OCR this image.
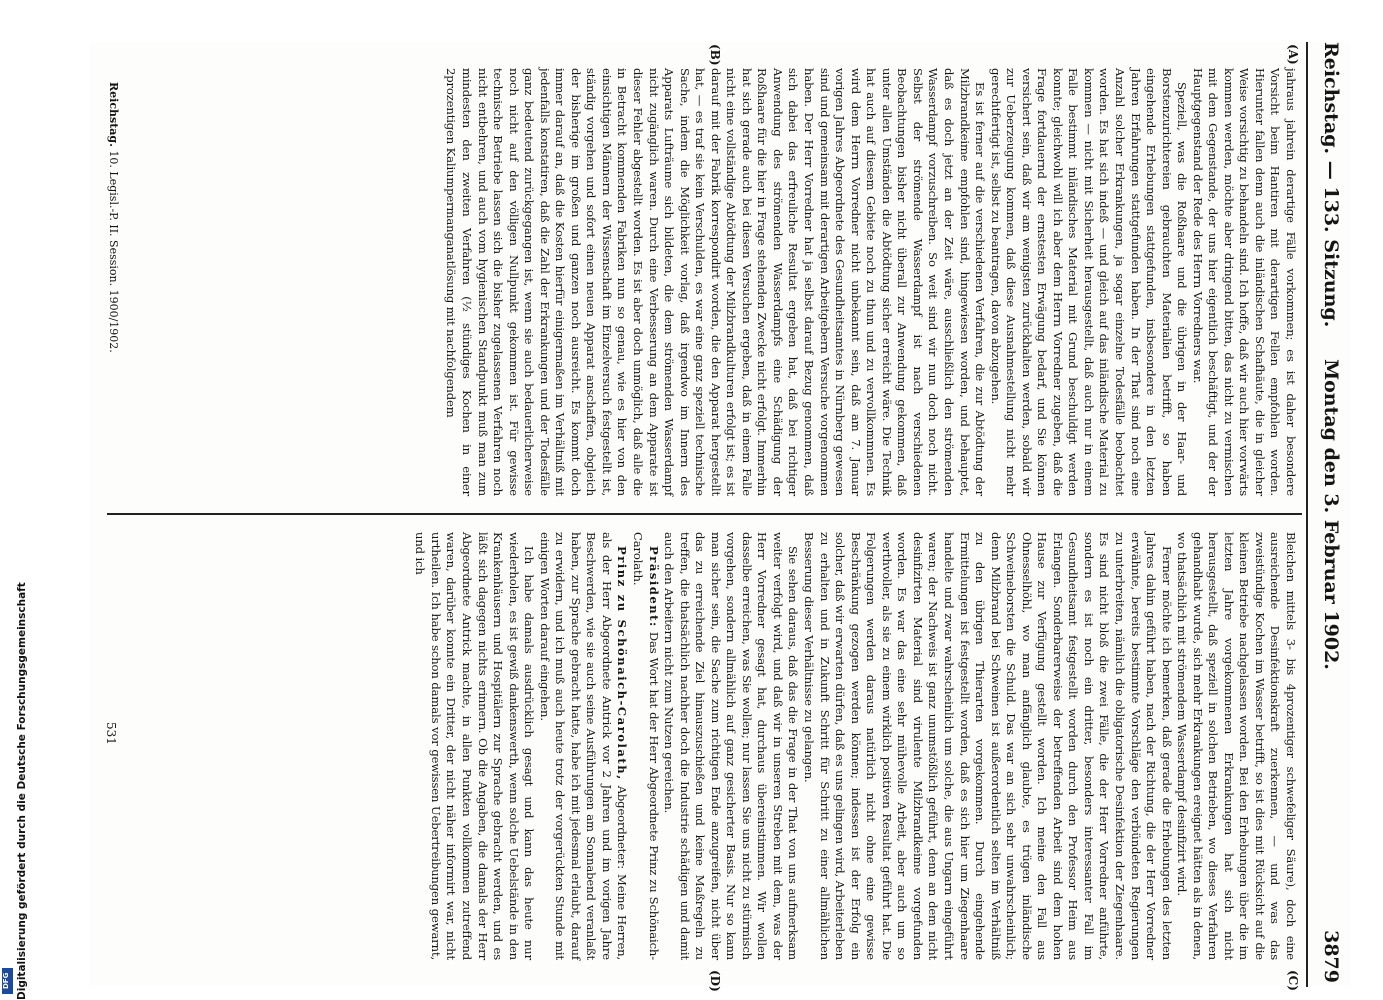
Reichstag. — 133. Sitzung.
Montag den 3. Februar 1902.
3879
(A)
(B)
(C)
(D)

jahraus jahrein derartige Fälle vorkommen; es ist daher besondere Vorsicht beim Hantiren mit derartigen Fellen empfohlen worden. Hierunter fallen denn auch die inländischen Schafhäute, die in gleicher Weise vorsichtig zu behandeln sind. Ich hoffe, daß wir auch hier vorwärts kommen werden, möchte aber dringend bitten, das nicht zu vermischen mit dem Gegenstande, der uns hier eigentlich beschäftigt, und der der Hauptgegenstand der Rede des Herrn Vorredners war.

Speziell, was die Roßhaare und die übrigen in der Haar- und Borstenzurichtereien gebrauchten Materialien betrifft, so haben eingehende Erhebungen stattgefunden, insbesondere in den letzten Jahren Erfahrungen stattgefunden haben. In der That sind noch eine Anzahl solcher Erkrankungen, ja sogar einzelne Todesfälle beobachtet worden. Es hat sich indeß — und gleich auf das inländische Material zu kommen — nicht mit Sicherheit herausgestellt, daß auch nur in einem Falle bestimmt inländisches Material mit Grund beschuldigt werden konnte; gleichwohl will ich aber dem Herrn Vorredner zugeben, daß die Frage fortdauernd der ernstesten Erwägung bedarf, und Sie können versichert sein, daß wir am wenigsten zurückhalten werden, sobald wir zur Ueberzeugung kommen, daß diese Ausnahmestellung nicht mehr gerechtfertigt ist, selbst zu beantragen, davon abzugehen.

Es ist ferner auf die verschiedenen Verfahren, die zur Abtödtung der Milzbrandkeime empfohlen sind, hingewiesen worden, und behauptet, daß es doch jetzt an der Zeit wäre, ausschließlich den strömenden Wasserdampf vorzuschreiben. So weit sind wir nun doch noch nicht. Selbst der strömende Wasserdampf ist nach verschiedenen Beobachtungen bisher nicht überall zur Anwendung gekommen, daß unter allen Umständen die Abtödtung sicher erreicht wäre. Die Technik hat auch auf diesem Gebiete noch zu thun und zu vervollkommnen. Es wird dem Herrn Vorredner nicht unbekannt sein, daß am 7. Januar vorigen Jahres Abgeordnete des Gesundheitsamtes in Nürnberg gewesen sind und gemeinsam mit derartigen Arbeitgebern Versuche vorgenommen haben. Der Herr Vorredner hat ja selbst darauf Bezug genommen, daß sich dabei das erfreuliche Resultat ergeben hat, daß bei richtiger Anwendung des strömenden Wasserdampfs eine Schädigung der Roßhaare für die hier in Frage stehenden Zwecke nicht erfolgt. Immerhin hat sich gerade auch bei diesen Versuchen ergeben, daß in einem Falle nicht eine vollständige Abtödtung der Milzbrandkulturen erfolgt ist; es ist darauf mit der Fabrik korrespondirt worden, die den Apparat hergestellt hat, — es traf sie kein Verschulden, es war eine ganz speziell technische Sache, indem die Möglichkeit vorlag, daß irgendwo im Innern des Apparats Lufträume sich bildeten, die dem strömenden Wasserdampf nicht zugänglich waren. Durch eine Verbesserung an dem Apparate ist dieser Fehler abgestellt worden. Es ist aber doch unmöglich, daß alle die in Betracht kommenden Fabriken nun so genau, wie es hier von den einsichtigen Männern der Wissenschaft im Einzelversuch festgestellt ist, ständig vorgehen und sofort einen neuen Apparat anschaffen, obgleich der bisherige im großen und ganzen noch ausreicht. Es kommt doch immer darauf an, daß die Kosten hierfür einigermaßen im Verhältniß mit jedenfalls konstatiren, daß die Zahl der Erkrankungen und der Todesfälle ganz bedeutend zurückgegangen ist, wenn sie auch bedauerlicherweise noch nicht auf den völligen Nullpunkt gekommen ist. Für gewisse technische Betriebe lassen sich die bisher zugelassenen Verfahren noch nicht entbehren, und auch vom hygienischen Standpunkt muß man zum mindesten den zweiten Verfahren (½ stündiges Kochen in einer 2prozentigen Kaliumpermanganatlösung mit nachfolgendem

Bleichen mittels 3- bis 4prozentiger schwefeliger Säure), doch eine ausreichende Desinfektionskraft zuerkennen, — und was das zweistündige Kochen im Wasser betrifft, so ist dies mit Rücksicht auf die kleinen Betriebe nachgelassen worden. Bei den Erhebungen über die im letzten Jahre vorgekommenen Erkrankungen hat sich nicht herausgestellt, daß speziell in solchen Betrieben, wo dieses Verfahren gehandhabt wurde, sich mehr Erkrankungen ereignet hätten als in denen, wo thatsächlich mit strömendem Wasserdampf desinfizirt wird.

Ferner möchte ich bemerken, daß gerade die Erhebungen des letzten Jahres dahin geführt haben, nach der Richtung, die der Herr Vorredner erwähnte, bereits bestimmte Vorschläge den verbündeten Regierungen zu unterbreiten, nämlich die obligatorische Desinfektion der Ziegenhaare. Es sind nicht bloß die zwei Fälle, die der Herr Vorredner anführte, sondern es ist noch ein dritter, besonders interessanter Fall im Gesundheitsamt festgestellt worden durch den Professor Heim aus Erlangen. Sonderbarerweise der betreffenden Arbeit sind dem hohen Hause zur Verfügung gestellt worden. Ich meine den Fall aus Ohnesselhöhl, wo man anfänglich glaubte, es trügen inländische Schweineborsten die Schuld. Das war an sich sehr unwahrscheinlich; denn Milzbrand bei Schweinen ist außerordentlich selten im Verhältniß zu den übrigen Thierarten vorgekommen. Durch eingehende Ermittelungen ist festgestellt worden, daß es sich hier um Ziegenhaare handelte und zwar wahrscheinlich um solche, die aus Ungarn eingeführt waren; der Nachweis ist ganz unumstößlich geführt, denn an dem nicht desinfizirten Material sind virulente Milzbrandkeime vorgefunden worden. Es war das eine sehr mühevolle Arbeit, aber auch um so werthvoller, als sie zu einem wirklich positiven Resultat geführt hat. Die Folgerungen werden daraus natürlich nicht ohne eine gewisse Beschränkung gezogen werden können; indessen ist der Erfolg ein solcher, daß wir erwarten dürfen, daß es uns gelingen wird, Arbeiterleben zu erhalten und in Zukunft Schritt für Schritt zu einer allmählichen Besserung dieser Verhältnisse zu gelangen.

Sie sehen daraus, daß das die Frage in der That von uns aufmerksam weiter verfolgt wird, und daß wir in unseren Streben mit dem, was der Herr Vorredner gesagt hat, durchaus übereinstimmen. Wir wollen dasselbe erreichen, was Sie wollen; nur lassen Sie uns nicht zu stürmisch vorgehen, sondern allmählich auf ganz gesicherter Basis. Nur so kann man sicher sein, die Sache zum richtigen Ende anzugreifen, nicht über das zu erreichende Ziel hinauszuschießen und keine Maßregeln zu treffen, die thatsächlich nachher doch die Industrie schädigen und damit auch den Arbeitern nicht zum Nutzen gereichen.

Präsident: Das Wort hat der Herr Abgeordnete Prinz zu Schönaich-Carolath.

Prinz zu Schönaich-Carolath, Abgeordneter: Meine Herren, als der Herr Abgeordnete Antrick vor 2 Jahren und im vorigen Jahre Beschwerden, wie sie auch seine Ausführungen am Sonnabend veranlaßt haben, zur Sprache gebracht hatte, habe ich mit jedesmal erlaubt, darauf zu erwidern, und ich muß auch heute trotz der vorgerückten Stunde mit einigen Worten darauf eingehen.

Ich habe damals ausdrücklich gesagt und kann das heute nur wiederholen, es ist gewiß dankenswerth, wenn solche Uebelstände in den Krankenhäusern und Hospitälern zur Sprache gebracht werden, und es läßt sich dagegen nichts erinnern. Ob die Angaben, die damals der Herr Abgeordnete Antrick machte, in allen Punkten vollkommen zutreffend waren, darüber konnte ein Dritter, der nicht näher informirt war, nicht urtheilen. Ich habe schon damals vor gewissen Uebertreibungen gewarnt, und ich

Reichstag. 10. Legisl.-P. II. Session. 1900/1902.
531
Digitalisierung gefördert durch die Deutsche Forschungsgemeinschaft
DFG
